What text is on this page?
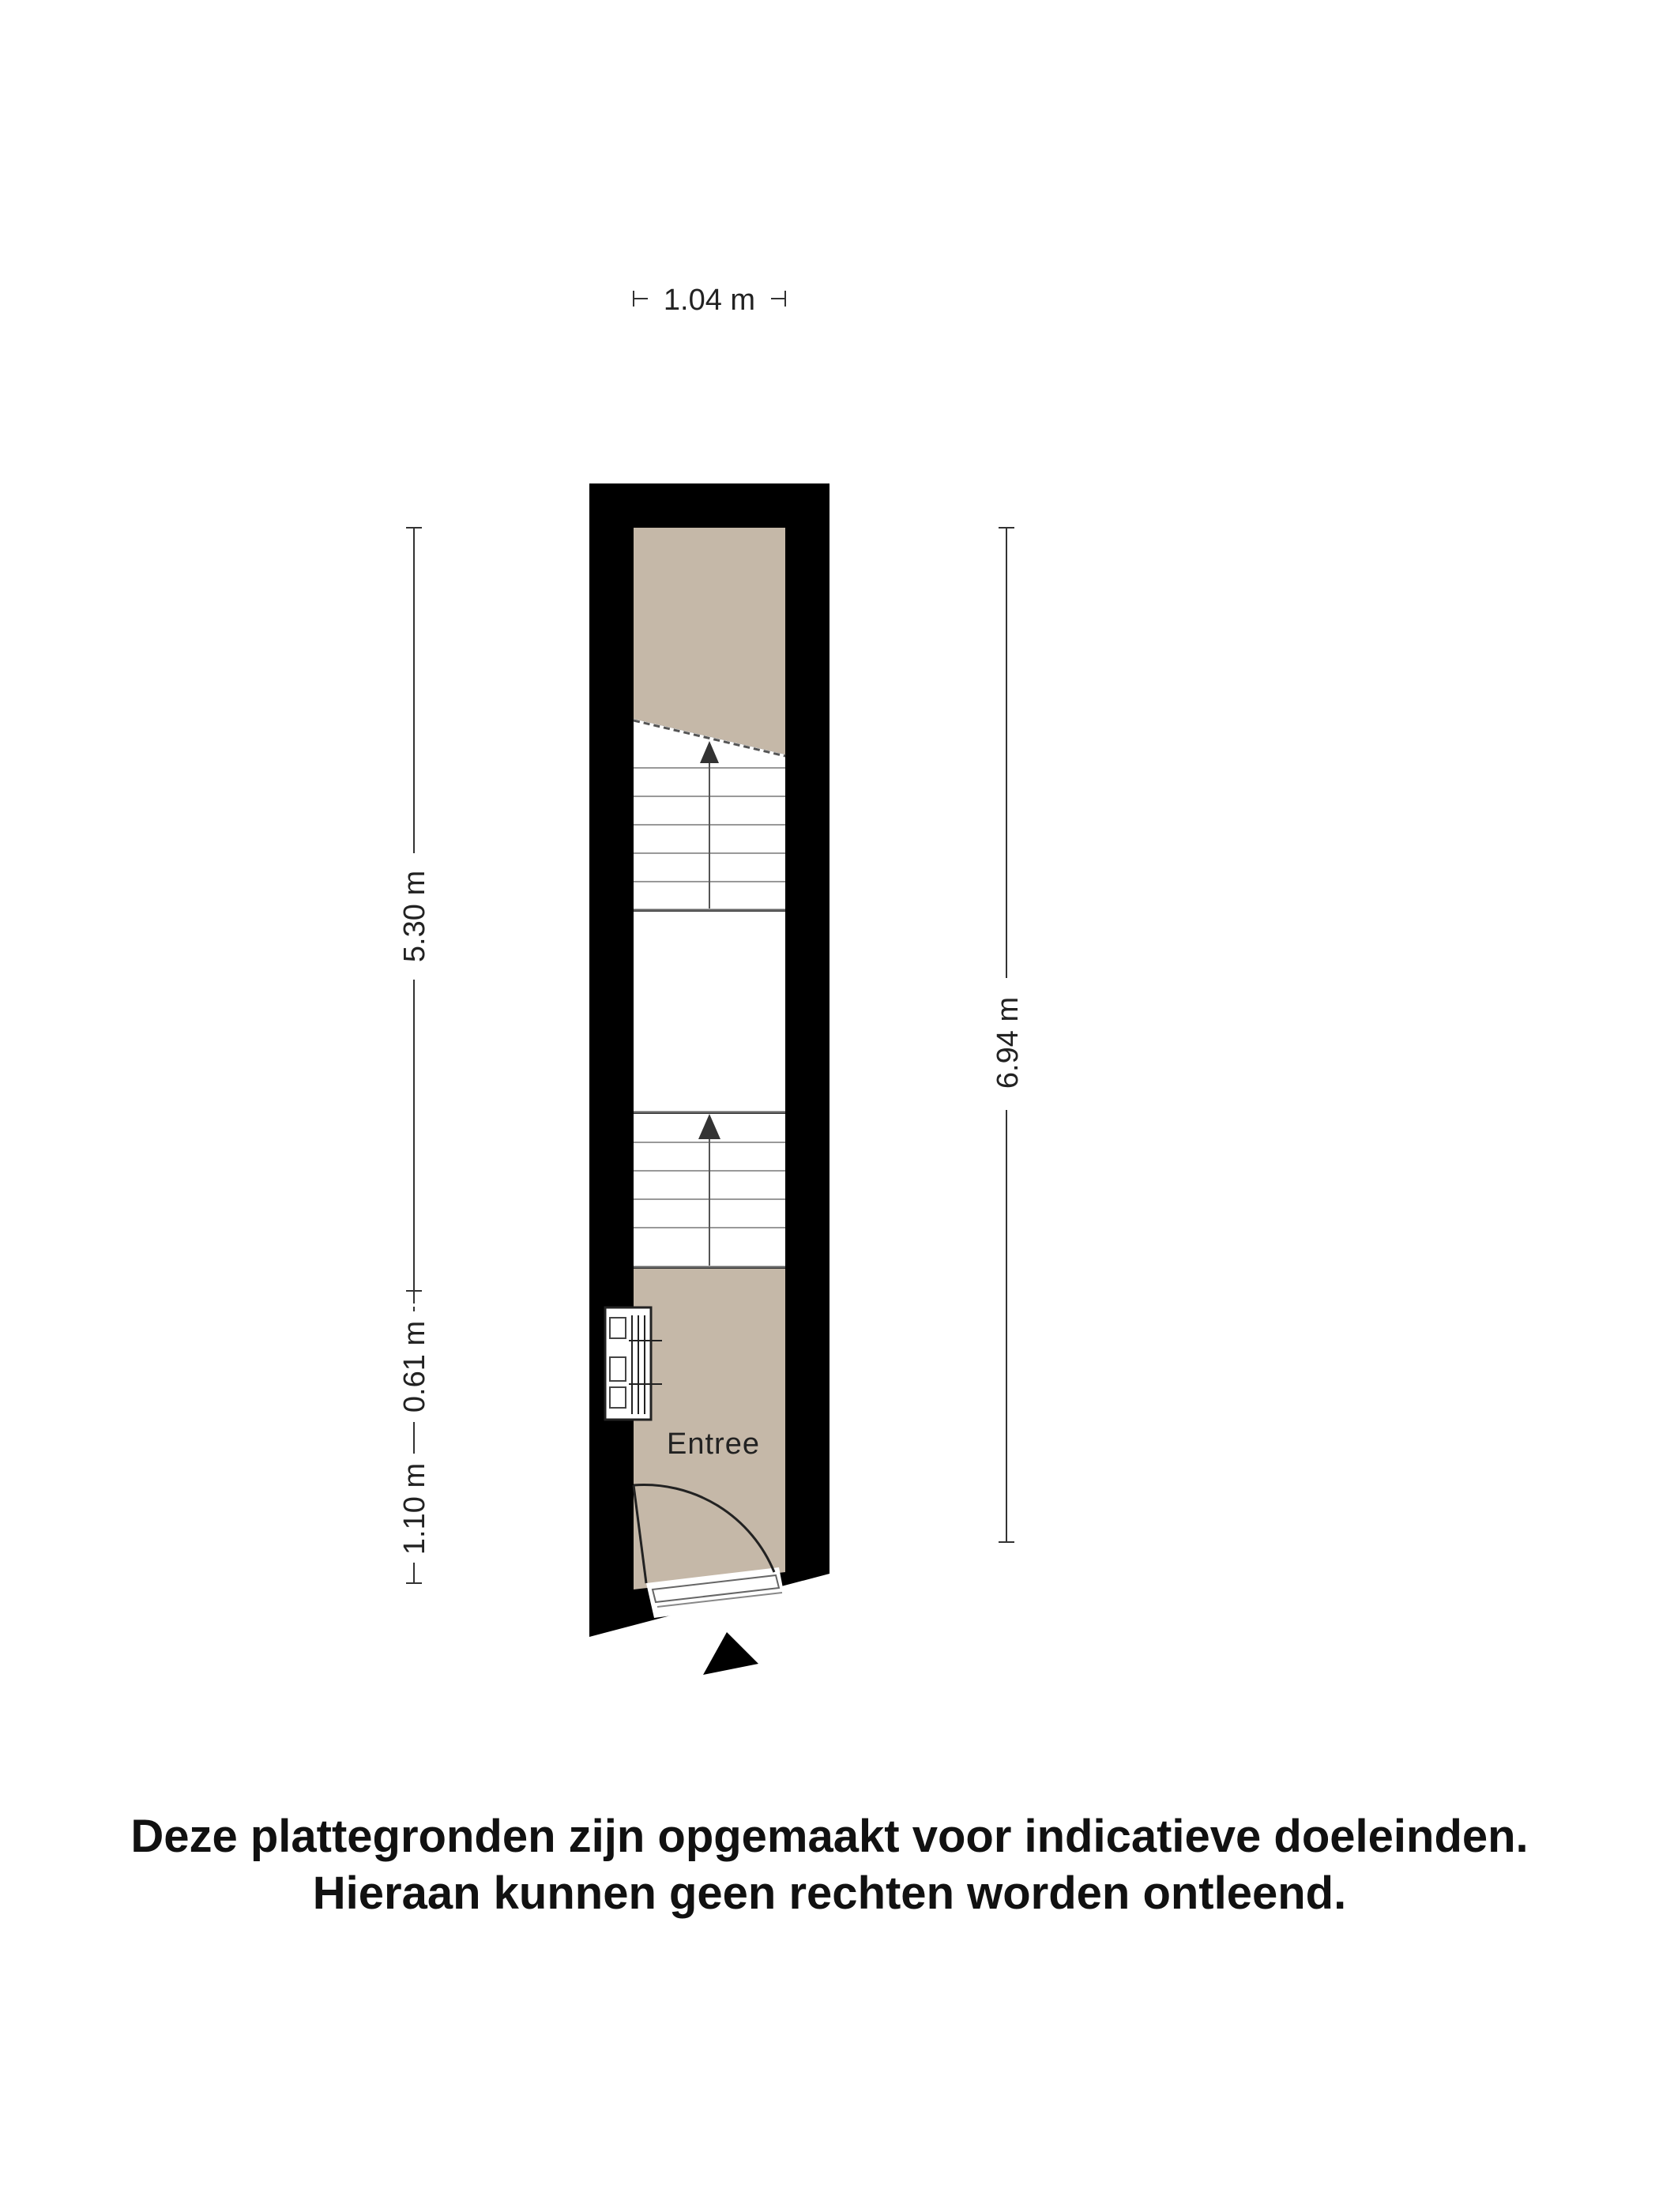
Entree
1.04 m
5.30 m
0.61 m
1.10 m
6.94 m
Deze plattegronden zijn opgemaakt voor indicatieve doeleinden.
Hieraan kunnen geen rechten worden ontleend.
